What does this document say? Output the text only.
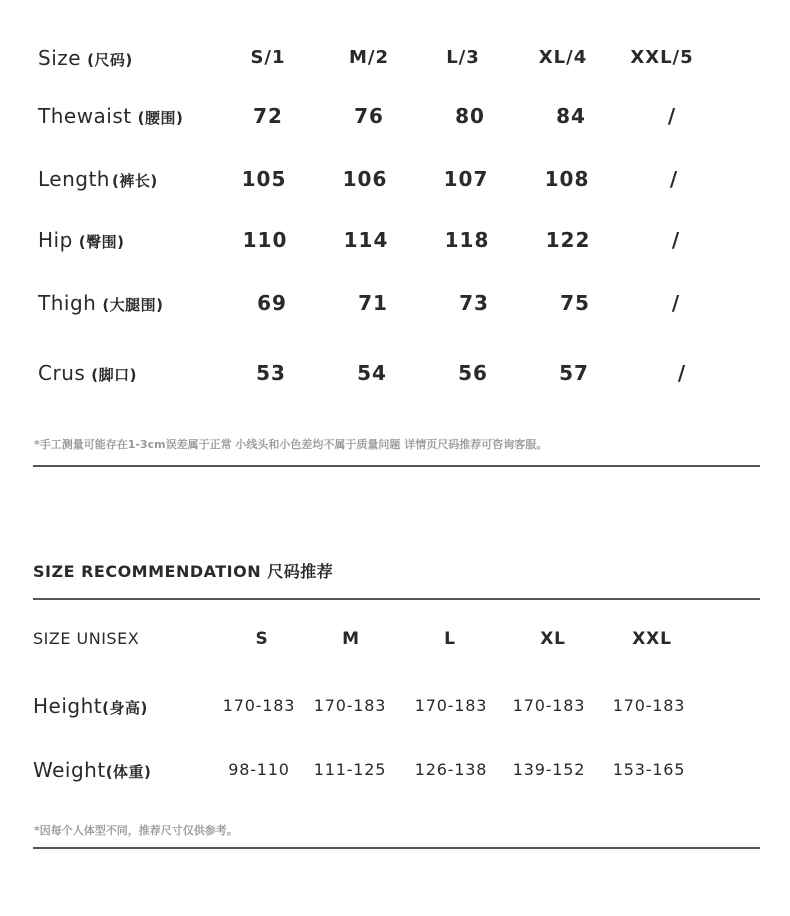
Size (尺码)	S/1	M/2	L/3	XL/4	XXL/5
Thewaist (腰围)	72	76	80	84	/
Length (裤长)	105	106	107	108	/
Hip (臀围)	110	114	118	122	/
Thigh (大腿围)	69	71	73	75	/
Crus (脚口)	53	54	56	57	/
*手工测量可能存在1-3cm误差属于正常 小线头和小色差均不属于质量问题 详情页尺码推荐可咨询客服。
SIZE RECOMMENDATION 尺码推荐
SIZE UNISEX	S	M	L	XL	XXL
Height(身高)	170-183	170-183	170-183	170-183	170-183
Weight(体重)	98-110	111-125	126-138	139-152	153-165
*因每个人体型不同，推荐尺寸仅供参考。
